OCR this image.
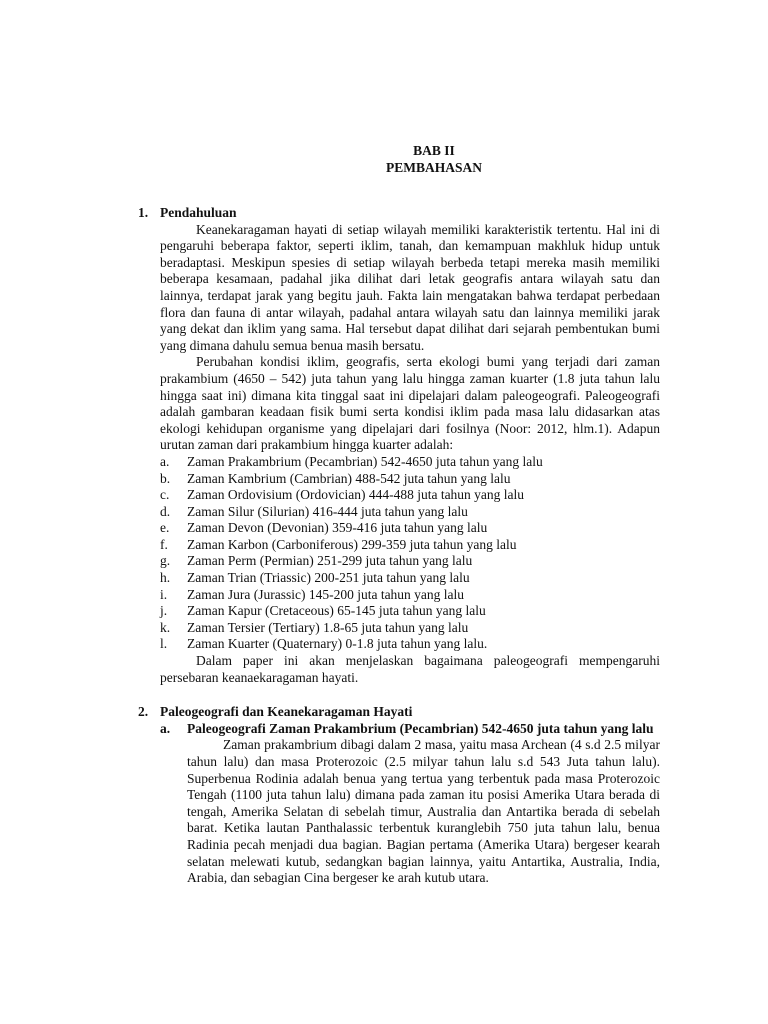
BAB II
PEMBAHASAN
1. Pendahuluan

Keanekaragaman hayati di setiap wilayah memiliki karakteristik tertentu. Hal ini di pengaruhi beberapa faktor, seperti iklim, tanah, dan kemampuan makhluk hidup untuk beradaptasi. Meskipun spesies di setiap wilayah berbeda tetapi mereka masih memiliki beberapa kesamaan, padahal jika dilihat dari letak geografis antara wilayah satu dan lainnya, terdapat jarak yang begitu jauh. Fakta lain mengatakan bahwa terdapat perbedaan flora dan fauna di antar wilayah, padahal antara wilayah satu dan lainnya memiliki jarak yang dekat dan iklim yang sama. Hal tersebut dapat dilihat dari sejarah pembentukan bumi yang dimana dahulu semua benua masih bersatu.

Perubahan kondisi iklim, geografis, serta ekologi bumi yang terjadi dari zaman prakambium (4650 – 542) juta tahun yang lalu hingga zaman kuarter (1.8 juta tahun lalu hingga saat ini) dimana kita tinggal saat ini dipelajari dalam paleogeografi. Paleogeografi adalah gambaran keadaan fisik bumi serta kondisi iklim pada masa lalu didasarkan atas ekologi kehidupan organisme yang dipelajari dari fosilnya (Noor: 2012, hlm.1). Adapun urutan zaman dari prakambium hingga kuarter adalah:

a.	Zaman Prakambrium (Pecambrian) 542-4650 juta tahun yang lalu
b.	Zaman Kambrium (Cambrian) 488-542 juta tahun yang lalu
c.	Zaman Ordovisium (Ordovician) 444-488 juta tahun yang lalu
d.	Zaman Silur (Silurian) 416-444 juta tahun yang lalu
e.	Zaman Devon (Devonian) 359-416 juta tahun yang lalu
f.	Zaman Karbon (Carboniferous) 299-359 juta tahun yang lalu
g.	Zaman Perm (Permian) 251-299 juta tahun yang lalu
h.	Zaman Trian (Triassic) 200-251 juta tahun yang lalu
i.	Zaman Jura (Jurassic) 145-200 juta tahun yang lalu
j.	Zaman Kapur (Cretaceous) 65-145 juta tahun yang lalu
k.	Zaman Tersier (Tertiary) 1.8-65 juta tahun yang lalu
l.	Zaman Kuarter (Quaternary) 0-1.8 juta tahun yang lalu.

Dalam paper ini akan menjelaskan bagaimana paleogeografi mempengaruhi persebaran keanaekaragaman hayati.

2. Paleogeografi dan Keanekaragaman Hayati
a.	Paleogeografi Zaman Prakambrium (Pecambrian) 542-4650 juta tahun yang lalu

Zaman prakambrium dibagi dalam 2 masa, yaitu masa Archean (4 s.d 2.5 milyar tahun lalu) dan masa Proterozoic (2.5 milyar tahun lalu s.d 543 Juta tahun lalu). Superbenua Rodinia adalah benua yang tertua yang terbentuk pada masa Proterozoic Tengah (1100 juta tahun lalu) dimana pada zaman itu posisi Amerika Utara berada di tengah, Amerika Selatan di sebelah timur, Australia dan Antartika berada di sebelah barat. Ketika lautan Panthalassic terbentuk kuranglebih 750 juta tahun lalu, benua Radinia pecah menjadi dua bagian. Bagian pertama (Amerika Utara) bergeser kearah selatan melewati kutub, sedangkan bagian lainnya, yaitu Antartika, Australia, India, Arabia, dan sebagian Cina bergeser ke arah kutub utara.
